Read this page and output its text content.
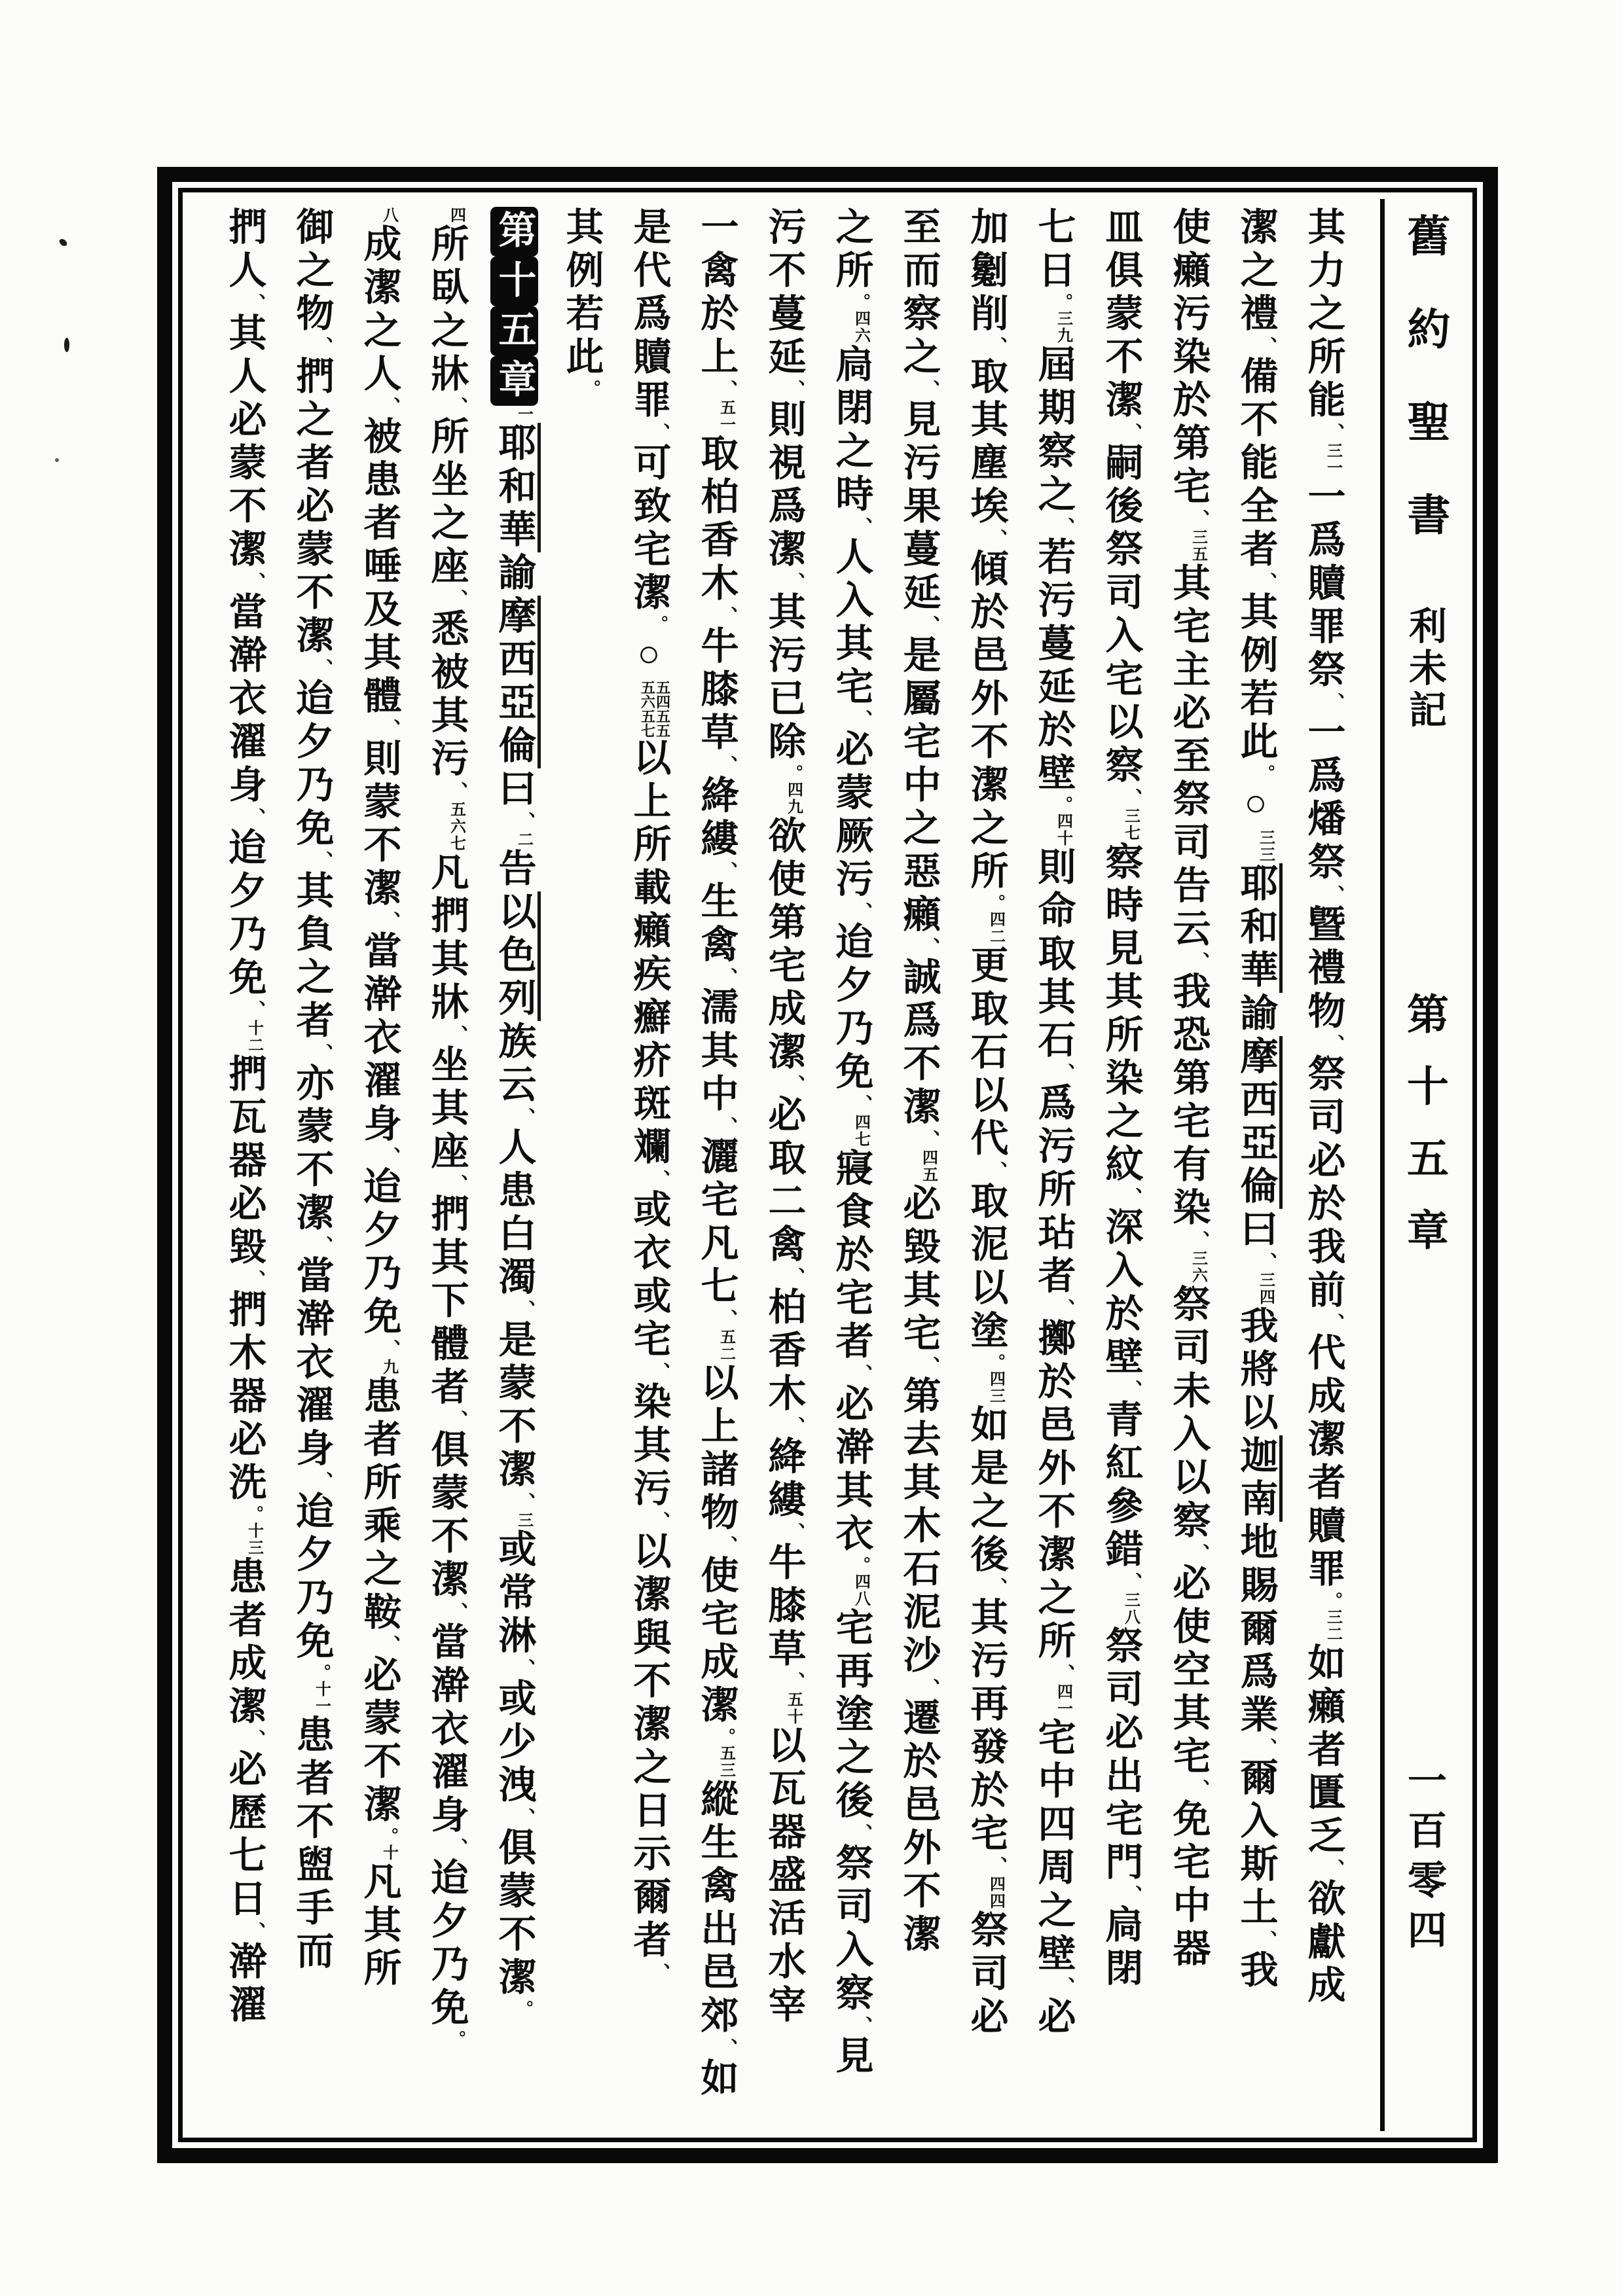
舊約聖書
利未記
第十五章
一百零四
其力之所能、三一一爲贖罪祭、一爲燔祭、曁禮物、祭司必於我前、代成潔者贖罪。三二如癩者匱乏、欲獻成
潔之禮、備不能全者、其例若此。○三三耶和華諭摩西亞倫曰、三四我將以迦南地賜爾爲業、爾入斯土、我
使癩污染於第宅、三五其宅主必至祭司告云、我恐第宅有染、三六祭司未入以察、必使空其宅、免宅中器
皿俱蒙不潔、嗣後祭司入宅以察、三七察時見其所染之紋、深入於壁、青紅參錯、三八祭司必出宅門、扃閉
七日。三九屆期察之、若污蔓延於壁。四十則命取其石、爲污所玷者、擲於邑外不潔之所、四一宅中四周之壁、必
加劖削、取其塵埃、傾於邑外不潔之所。四二更取石以代、取泥以塗。四三如是之後、其污再發於宅、四四祭司必
至而察之、見污果蔓延、是屬宅中之惡癩、誠爲不潔、四五必毀其宅、第去其木石泥沙、遷於邑外不潔
之所。四六扃閉之時、人入其宅、必蒙厥污、迨夕乃免、四七寢食於宅者、必澣其衣。四八宅再塗之後、祭司入察、見
污不蔓延、則視爲潔、其污已除。四九欲使第宅成潔、必取二禽、柏香木、絳縷、牛膝草、五十以瓦器盛活水宰
一禽於上、五一取柏香木、牛膝草、絳縷、生禽、濡其中、灑宅凡七、五二以上諸物、使宅成潔。五三縱生禽出邑郊、如
是代爲贖罪、可致宅潔。○
五四五五
五六五七
以上所載癩疾癬疥斑斕、或衣或宅、染其污、以潔與不潔之日示爾者、
其例若此。
第十五章一耶和華諭摩西亞倫曰、二告以色列族云、人患白濁、是蒙不潔、三或常淋、或少洩、俱蒙不潔。
四所臥之牀、所坐之座、悉被其污、五六七凡捫其牀、坐其座、捫其下體者、俱蒙不潔、當澣衣濯身、迨夕乃免。
八成潔之人、被患者唾及其體、則蒙不潔、當澣衣濯身、迨夕乃免、九患者所乘之鞍、必蒙不潔。十凡其所
御之物、捫之者必蒙不潔、迨夕乃免、其負之者、亦蒙不潔、當澣衣濯身、迨夕乃免。十一患者不盥手而
捫人、其人必蒙不潔、當澣衣濯身、迨夕乃免、十二捫瓦器必毀、捫木器必洗。十三患者成潔、必歷七日、澣濯
